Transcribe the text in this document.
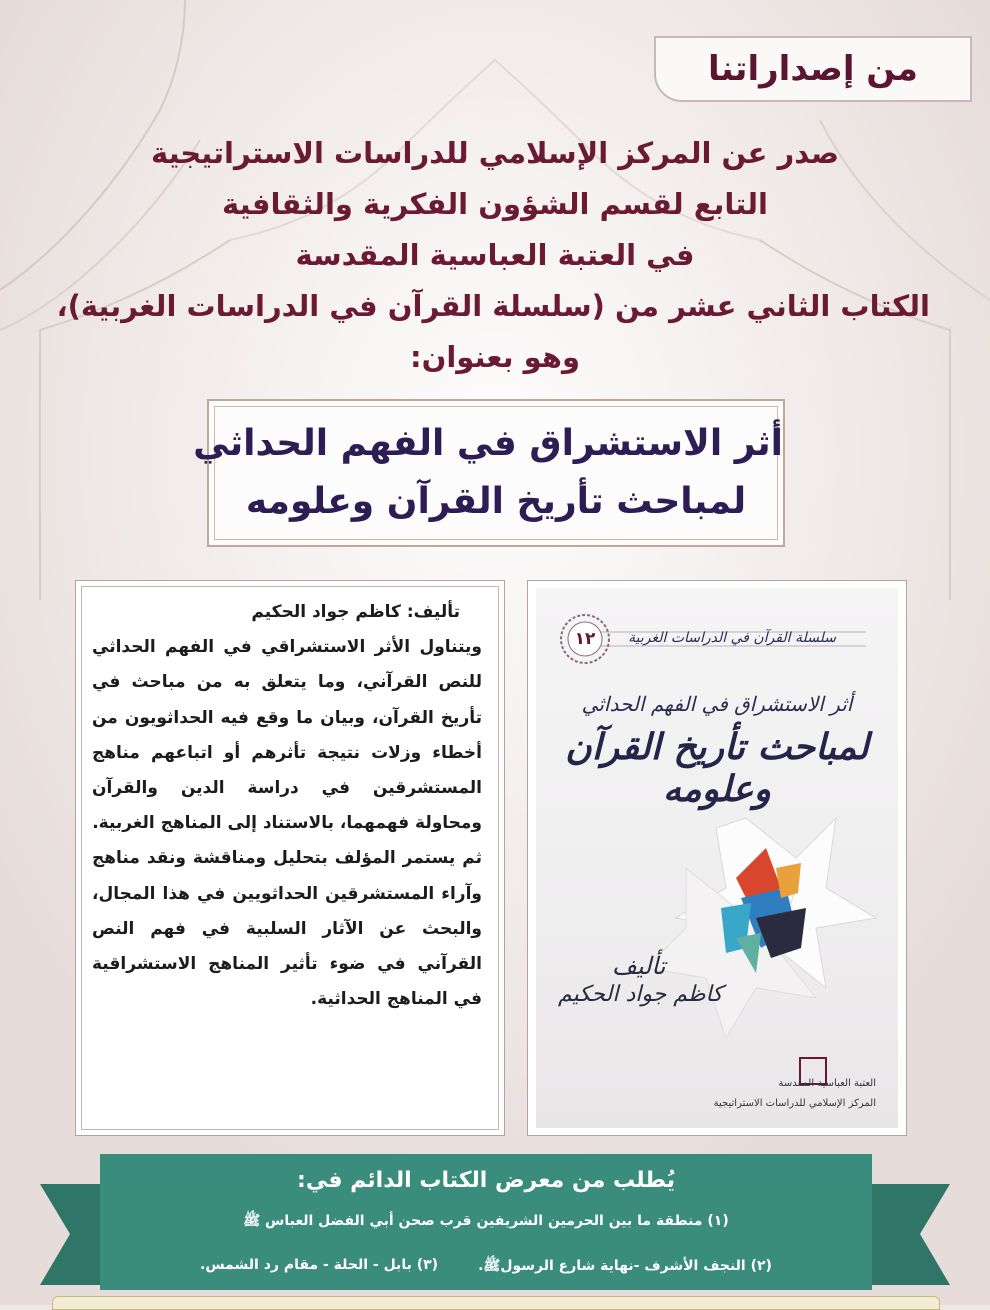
من إصداراتنا
صدر عن المركز الإسلامي للدراسات الاستراتيجية
التابع لقسم الشؤون الفكرية والثقافية
في العتبة العباسية المقدسة
الكتاب الثاني عشر من (سلسلة القرآن في الدراسات الغربية)،
وهو بعنوان:
أثر الاستشراق في الفهم الحداثي
لمباحث تأريخ القرآن وعلومه
تأليف: كاظم جواد الحكيم

ويتناول الأثر الاستشراقي في الفهم الحداثي للنص القرآني، وما يتعلق به من مباحث في تأريخ القرآن، وبيان ما وقع فيه الحداثويون من أخطاء وزلات نتيجة تأثرهم أو اتباعهم مناهج المستشرقين في دراسة الدين والقرآن ومحاولة فهمهما، بالاستناد إلى المناهج الغربية.

ثم يستمر المؤلف بتحليل ومناقشة ونقد مناهج وآراء المستشرقين الحداثويين في هذا المجال، والبحث عن الآثار السلبية في فهم النص القرآني في ضوء تأثير المناهج الاستشراقية في المناهج الحداثية.

سلسلة القرآن في الدراسات الغربية
١٢
أثر الاستشراق في الفهم الحداثي
لمباحث تأريخ القرآن وعلومه
تأليف
كاظم جواد الحكيم
العتبة العباسية المقدسة
المركز الإسلامي للدراسات الاستراتيجية
يُطلب من معرض الكتاب الدائم في:
(١) منطقة ما بين الحرمين الشريفين قرب صحن أبي الفضل العباس ﷺ
(٢) النجف الأشرف -نهاية شارع الرسولﷺ.
(٣) بابل - الحلة - مقام رد الشمس.
